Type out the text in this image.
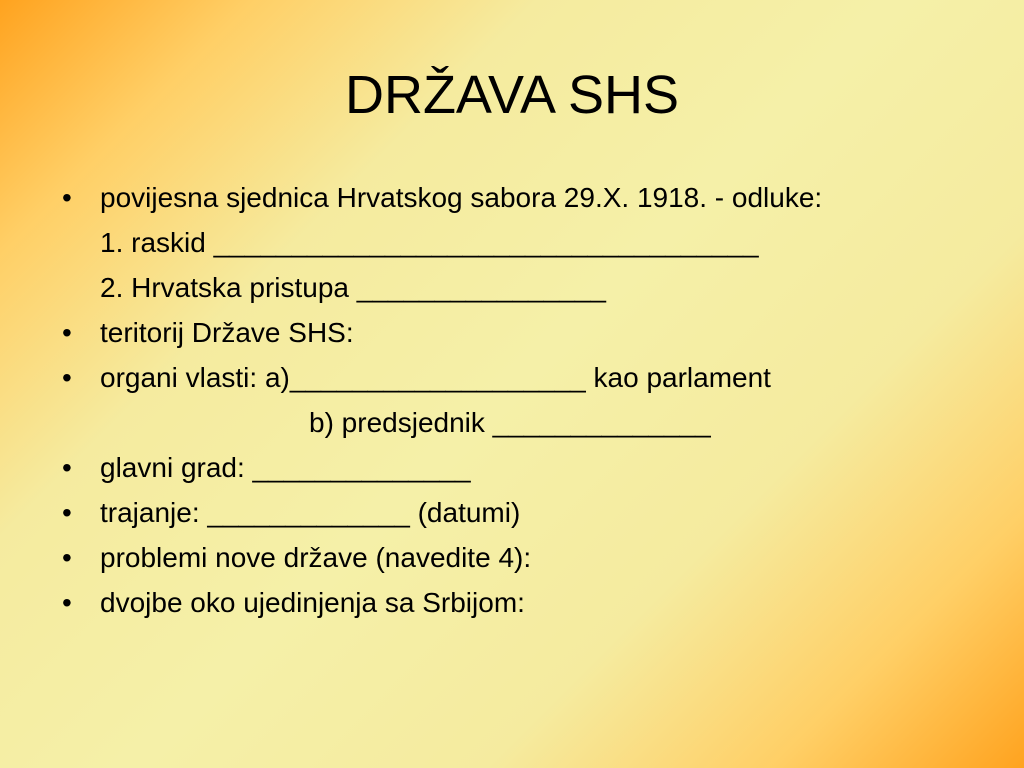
DRŽAVA SHS
•	povijesna sjednica Hrvatskog sabora 29.X. 1918. - odluke:
1. raskid ___________________________________
2. Hrvatska pristupa ________________
•	teritorij Države SHS:
•	organi vlasti: a)___________________ kao parlament
b) predsjednik ______________
•	glavni grad: ______________
•	trajanje: _____________ (datumi)
•	problemi nove države (navedite 4):
•	dvojbe oko ujedinjenja sa Srbijom:
